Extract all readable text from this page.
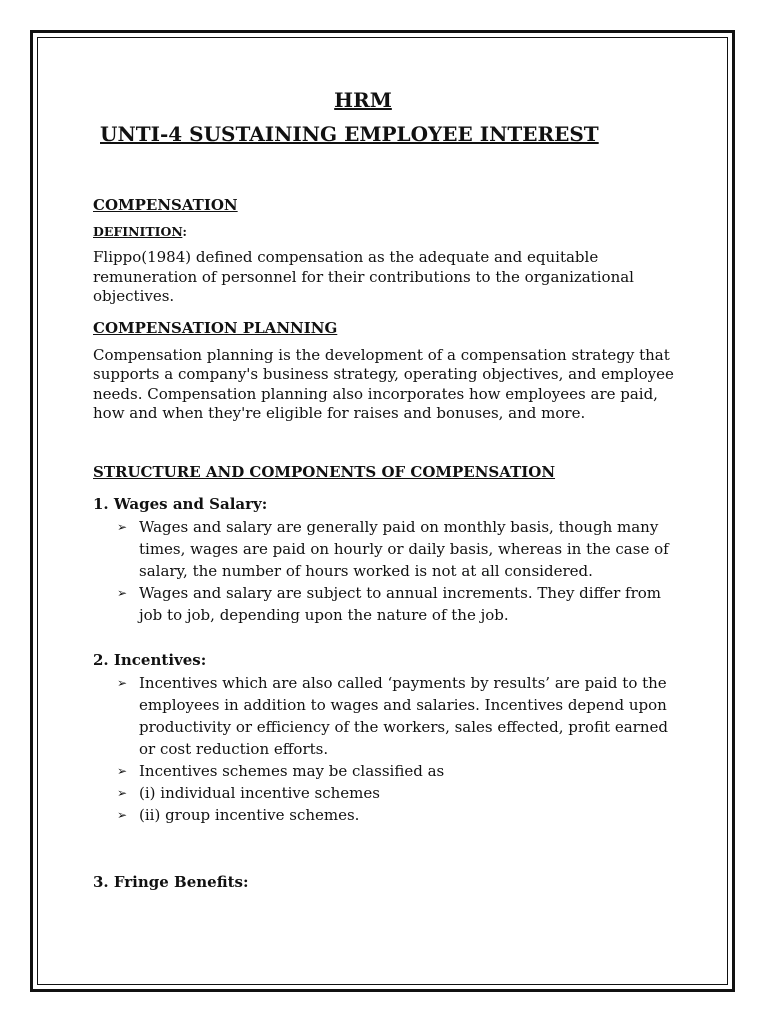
HRM
UNTI-4 SUSTAINING EMPLOYEE INTEREST
COMPENSATION
DEFINITION:

Flippo(1984) defined compensation as the adequate and equitable remuneration of personnel for their contributions to the organizational objectives.

COMPENSATION PLANNING

Compensation planning is the development of a compensation strategy that supports a company's business strategy, operating objectives, and employee needs. Compensation planning also incorporates how employees are paid, how and when they're eligible for raises and bonuses, and more.

STRUCTURE AND COMPONENTS OF COMPENSATION
1. Wages and Salary:
➢ Wages and salary are generally paid on monthly basis, though many times, wages are paid on hourly or daily basis, whereas in the case of salary, the number of hours worked is not at all considered.
➢ Wages and salary are subject to annual increments. They differ from job to job, depending upon the nature of the job.
2. Incentives:
➢ Incentives which are also called ‘payments by results’ are paid to the employees in addition to wages and salaries. Incentives depend upon productivity or efficiency of the workers, sales effected, profit earned or cost reduction efforts.
➢ Incentives schemes may be classified as
➢ (i) individual incentive schemes
➢ (ii) group incentive schemes.
3. Fringe Benefits:
